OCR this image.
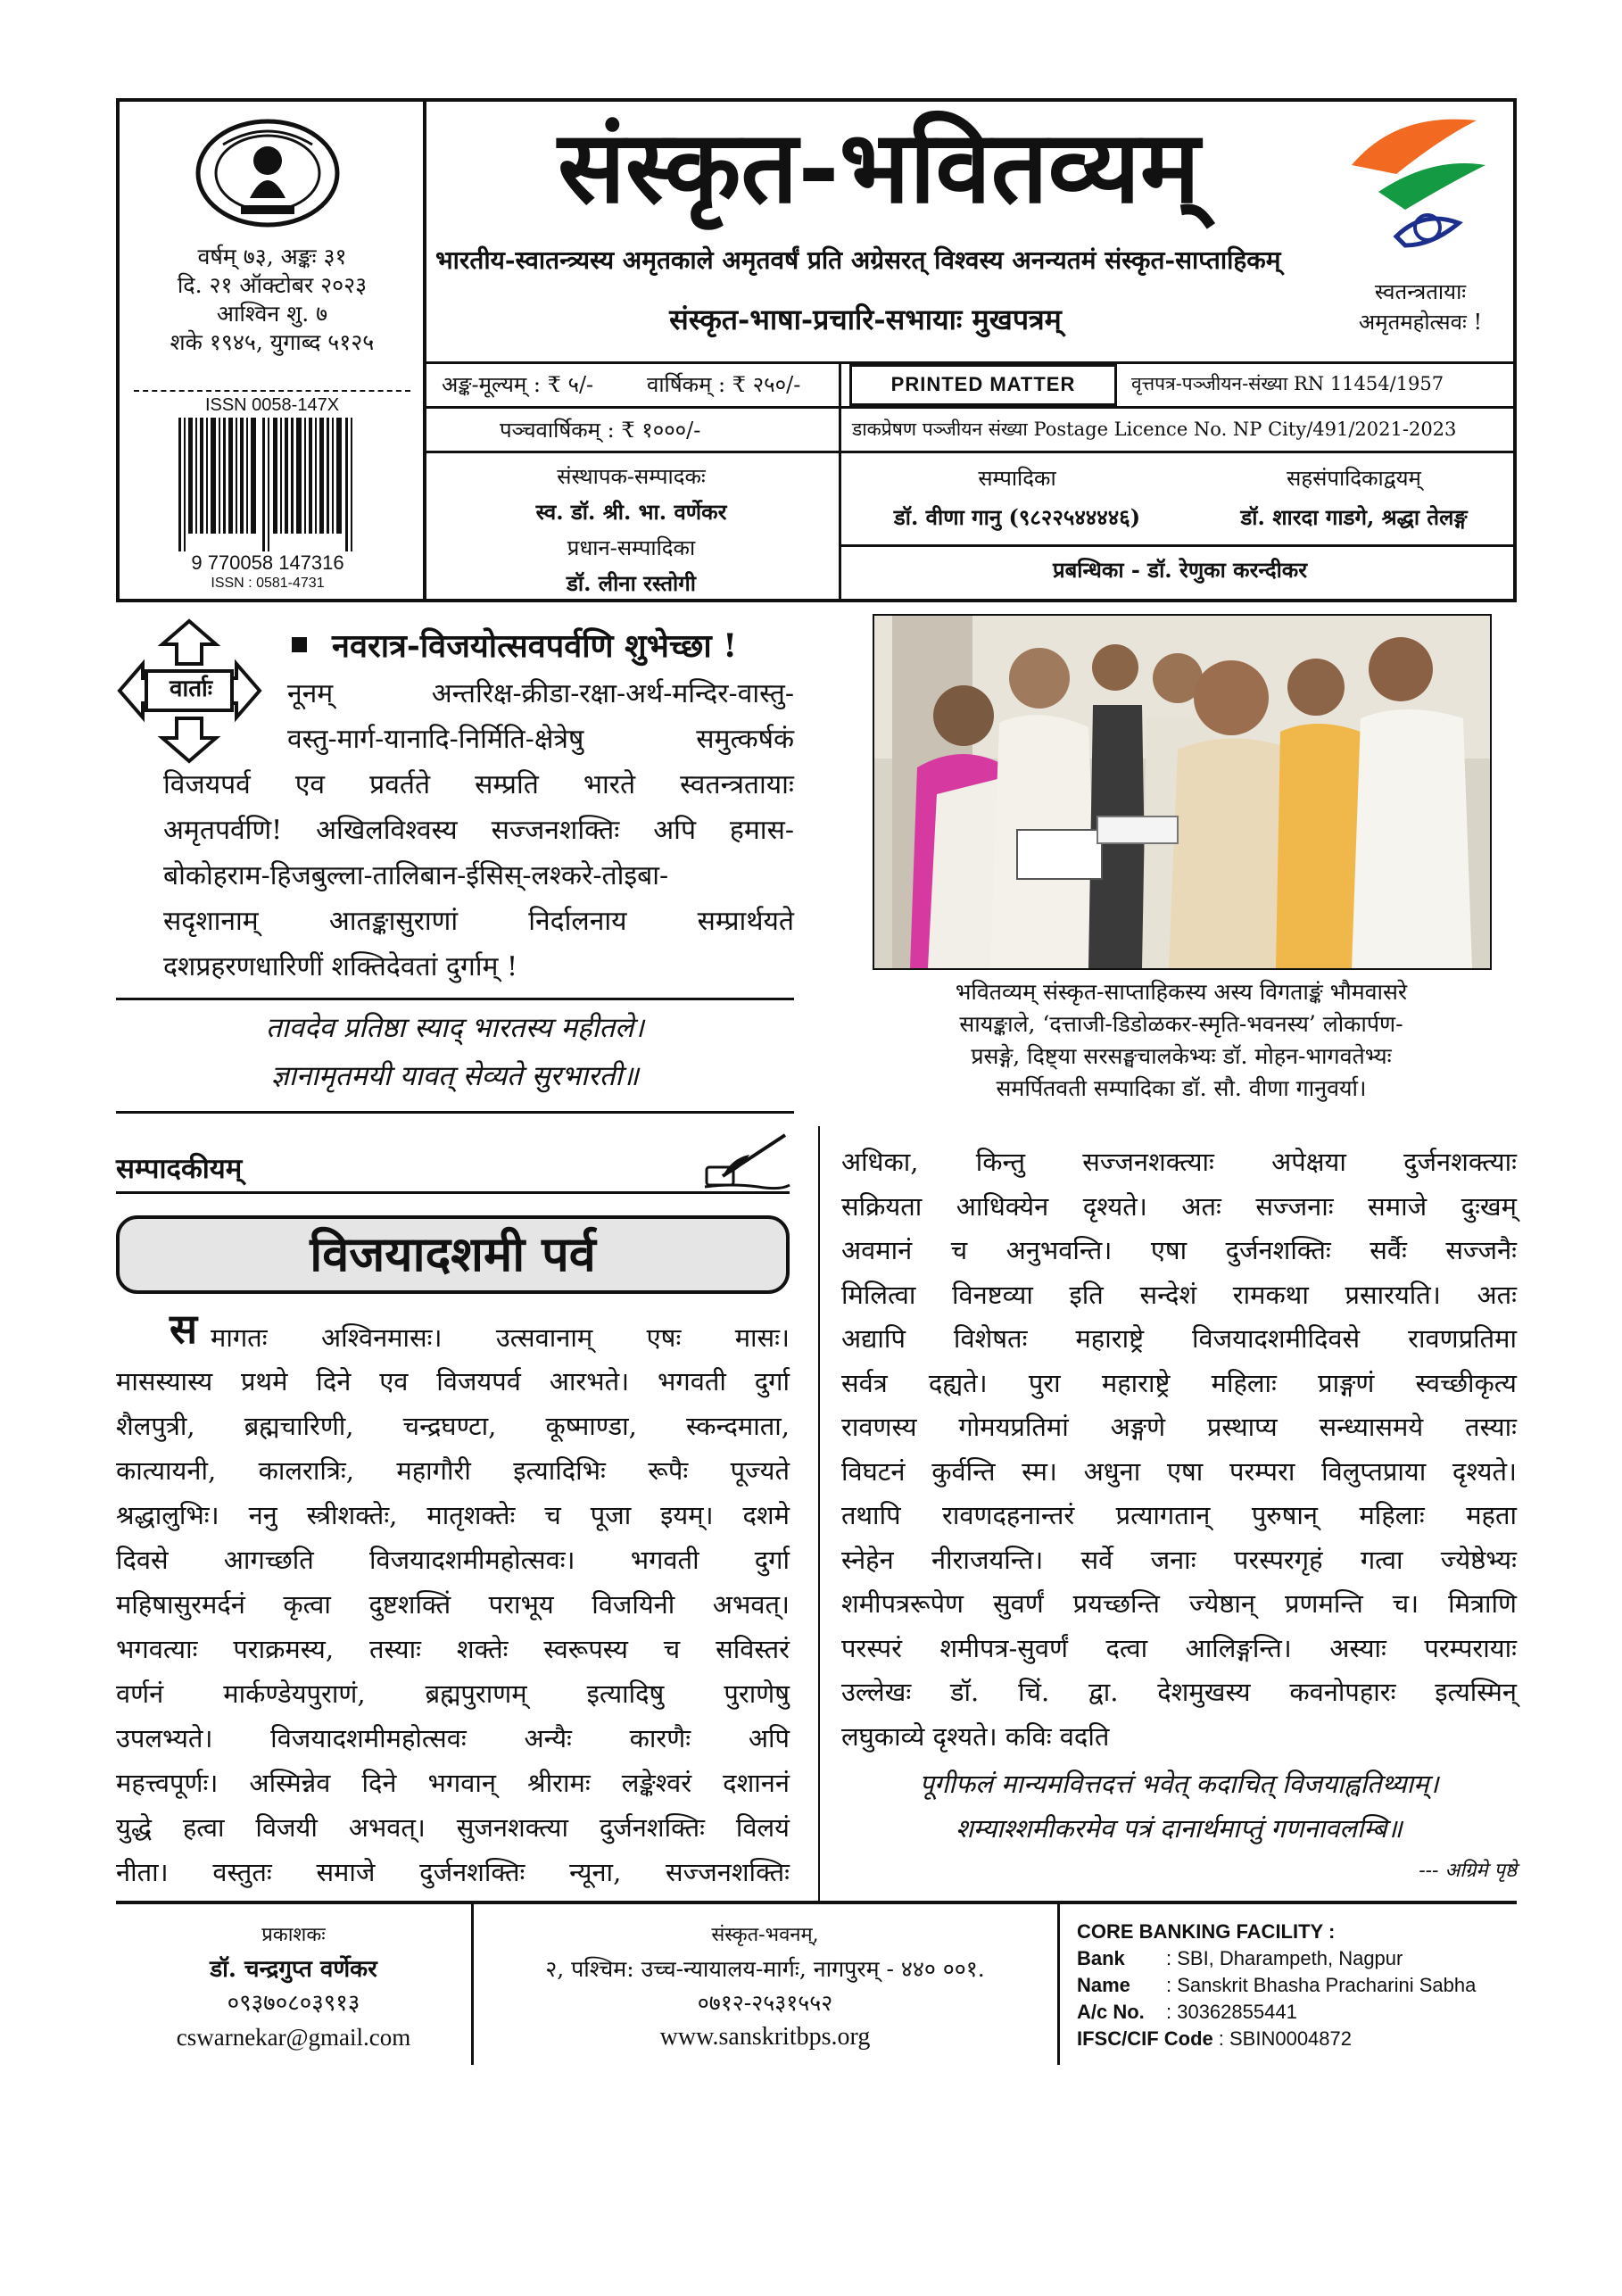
वर्षम् ७३, अङ्कः ३१
दि. २१ ऑक्टोबर २०२३
आश्विन शु. ७
शके १९४५, युगाब्द ५१२५
ISSN 0058-147X
9 770058 147316
ISSN : 0581-4731
संस्कृत-भवितव्यम्
भारतीय-स्वातन्त्र्यस्य अमृतकाले अमृतवर्षं प्रति अग्रेसरत् विश्वस्य अनन्यतमं संस्कृत-साप्ताहिकम्
संस्कृत-भाषा-प्रचारि-सभायाः मुखपत्रम्
स्वतन्त्रतायाः
अमृतमहोत्सवः !
अङ्क-मूल्यम् : ₹ ५/- वार्षिकम् : ₹ २५०/-	PRINTED MATTER	वृत्तपत्र-पञ्जीयन-संख्या RN 11454/1957
पञ्चवार्षिकम् : ₹ १०००/-	डाकप्रेषण पञ्जीयन संख्या Postage Licence No. NP City/491/2021-2023
संस्थापक-सम्पादकः
स्व. डॉ. श्री. भा. वर्णेकर
प्रधान-सम्पादिका
डॉ. लीना रस्तोगी
सम्पादिका
डॉ. वीणा गानु (९८२२५४४४४६)
सहसंपादिकाद्वयम्
डॉ. शारदा गाडगे, श्रद्धा तेलङ्ग
प्रबन्धिका - डॉ. रेणुका करन्दीकर
वार्ताः
नवरात्र-विजयोत्सवपर्वणि शुभेच्छा !
नूनम् अन्तरिक्ष-क्रीडा-रक्षा-अर्थ-मन्दिर-वास्तु-
वस्तु-मार्ग-यानादि-निर्मिति-क्षेत्रेषु समुत्कर्षकं
विजयपर्व एव प्रवर्तते सम्प्रति भारते स्वतन्त्रतायाः
अमृतपर्वणि! अखिलविश्वस्य सज्जनशक्तिः अपि हमास-
बोकोहराम-हिजबुल्ला-तालिबान-ईसिस्-लश्करे-तोइबा-
सदृशानाम् आतङ्कासुराणां निर्दालनाय सम्प्रार्थयते
दशप्रहरणधारिणीं शक्तिदेवतां दुर्गाम् !
तावदेव प्रतिष्ठा स्याद् भारतस्य महीतले।
ज्ञानामृतमयी यावत् सेव्यते सुरभारती॥
भवितव्यम् संस्कृत-साप्ताहिकस्य अस्य विगताङ्कं भौमवासरे
सायङ्काले, ‘दत्ताजी-डिडोळकर-स्मृति-भवनस्य’ लोकार्पण-
प्रसङ्गे, दिष्ट्या सरसङ्घचालकेभ्यः डॉ. मोहन-भागवतेभ्यः
समर्पितवती सम्पादिका डॉ. सौ. वीणा गानुवर्या।
सम्पादकीयम्
विजयादशमी पर्व
स मागतः अश्विनमासः। उत्सवानाम् एषः मासः।
मासस्यास्य प्रथमे दिने एव विजयपर्व आरभते। भगवती दुर्गा
शैलपुत्री, ब्रह्मचारिणी, चन्द्रघण्टा, कूष्माण्डा, स्कन्दमाता,
कात्यायनी, कालरात्रिः, महागौरी इत्यादिभिः रूपैः पूज्यते
श्रद्धालुभिः। ननु स्त्रीशक्तेः, मातृशक्तेः च पूजा इयम्। दशमे
दिवसे आगच्छति विजयादशमीमहोत्सवः। भगवती दुर्गा
महिषासुरमर्दनं कृत्वा दुष्टशक्तिं पराभूय विजयिनी अभवत्।
भगवत्याः पराक्रमस्य, तस्याः शक्तेः स्वरूपस्य च सविस्तरं
वर्णनं मार्कण्डेयपुराणं, ब्रह्मपुराणम् इत्यादिषु पुराणेषु
उपलभ्यते। विजयादशमीमहोत्सवः अन्यैः कारणैः अपि
महत्त्वपूर्णः। अस्मिन्नेव दिने भगवान् श्रीरामः लङ्केश्वरं दशाननं
युद्धे हत्वा विजयी अभवत्। सुजनशक्त्या दुर्जनशक्तिः विलयं
नीता। वस्तुतः समाजे दुर्जनशक्तिः न्यूना, सज्जनशक्तिः
अधिका, किन्तु सज्जनशक्त्याः अपेक्षया दुर्जनशक्त्याः
सक्रियता आधिक्येन दृश्यते। अतः सज्जनाः समाजे दुःखम्
अवमानं च अनुभवन्ति। एषा दुर्जनशक्तिः सर्वैः सज्जनैः
मिलित्वा विनष्टव्या इति सन्देशं रामकथा प्रसारयति। अतः
अद्यापि विशेषतः महाराष्ट्रे विजयादशमीदिवसे रावणप्रतिमा
सर्वत्र दह्यते। पुरा महाराष्ट्रे महिलाः प्राङ्गणं स्वच्छीकृत्य
रावणस्य गोमयप्रतिमां अङ्गणे प्रस्थाप्य सन्ध्यासमये तस्याः
विघटनं कुर्वन्ति स्म। अधुना एषा परम्परा विलुप्तप्राया दृश्यते।
तथापि रावणदहनान्तरं प्रत्यागतान् पुरुषान् महिलाः महता
स्नेहेन नीराजयन्ति। सर्वे जनाः परस्परगृहं गत्वा ज्येष्ठेभ्यः
शमीपत्ररूपेण सुवर्णं प्रयच्छन्ति ज्येष्ठान् प्रणमन्ति च। मित्राणि
परस्परं शमीपत्र-सुवर्णं दत्वा आलिङ्गन्ति। अस्याः परम्परायाः
उल्लेखः डॉ. चिं. द्वा. देशमुखस्य कवनोपहारः इत्यस्मिन्
लघुकाव्ये दृश्यते। कविः वदति
पूगीफलं मान्यमवित्तदत्तं भवेत् कदाचित् विजयाह्वतिथ्याम्।
शम्याश्शमीकरमेव पत्रं दानार्थमाप्तुं गणनावलम्बि॥
--- अग्रिमे पृष्ठे
प्रकाशकः
डॉ. चन्द्रगुप्त वर्णेकर
०९३७०८०३९१३
cswarnekar@gmail.com
संस्कृत-भवनम्,
२, पश्चिम: उच्च-न्यायालय-मार्गः, नागपुरम् - ४४० ००१.
०७१२-२५३१५५२
www.sanskritbps.org
CORE BANKING FACILITY :
Bank	: SBI, Dharampeth, Nagpur
Name	: Sanskrit Bhasha Pracharini Sabha
A/c No.	: 30362855441
IFSC/CIF Code : SBIN0004872
